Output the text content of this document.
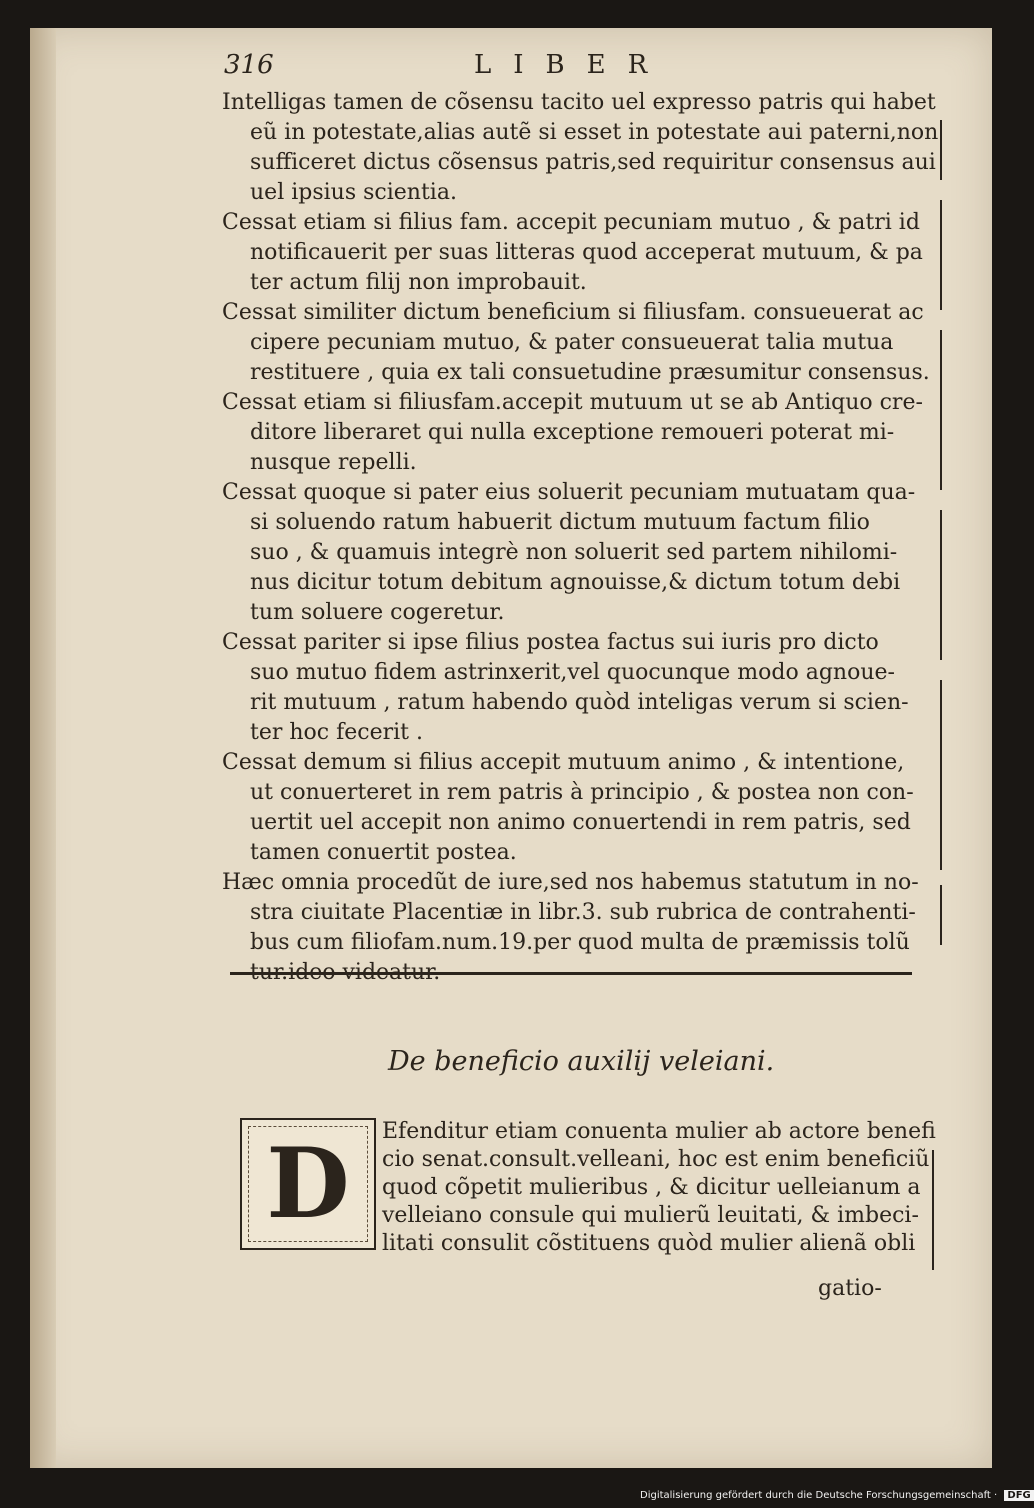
316	LIBER
Intelligas tamen de cõsensu tacito uel expresso patris qui habet
eũ in potestate,alias autẽ si esset in potestate aui paterni,non
sufficeret dictus cõsensus patris,sed requiritur consensus aui
uel ipsius scientia.
Cessat etiam si filius fam. accepit pecuniam mutuo , & patri id
notificauerit per suas litteras quod acceperat mutuum, & pa
ter actum filij non improbauit.
Cessat similiter dictum beneficium si filiusfam. consueuerat ac
cipere pecuniam mutuo, & pater consueuerat talia mutua
restituere , quia ex tali consuetudine præsumitur consensus.
Cessat etiam si filiusfam.accepit mutuum ut se ab Antiquo cre-
ditore liberaret qui nulla exceptione remoueri poterat mi-
nusque repelli.
Cessat quoque si pater eius soluerit pecuniam mutuatam qua-
si soluendo ratum habuerit dictum mutuum factum filio
suo , & quamuis integrè non soluerit sed partem nihilomi-
nus dicitur totum debitum agnouisse,& dictum totum debi
tum soluere cogeretur.
Cessat pariter si ipse filius postea factus sui iuris pro dicto
suo mutuo fidem astrinxerit,vel quocunque modo agnoue-
rit mutuum , ratum habendo quòd inteligas verum si scien-
ter hoc fecerit .
Cessat demum si filius accepit mutuum animo , & intentione,
ut conuerteret in rem patris à principio , & postea non con-
uertit uel accepit non animo conuertendi in rem patris, sed
tamen conuertit postea.
Hæc omnia procedũt de iure,sed nos habemus statutum in no-
stra ciuitate Placentiæ in libr.3. sub rubrica de contrahenti-
bus cum filiofam.num.19.per quod multa de præmissis tolũ
tur.ideo videatur.
De beneficio auxilij veleiani.
D	Efenditur etiam conuenta mulier ab actore benefi
cio senat.consult.velleani, hoc est enim beneficiũ
quod cõpetit mulieribus , & dicitur uelleianum a
velleiano consule qui mulierũ leuitati, & imbeci-
litati consulit cõstituens quòd mulier alienã obli
gatio-
Digitalisierung gefördert durch die Deutsche Forschungsgemeinschaft · DFG
